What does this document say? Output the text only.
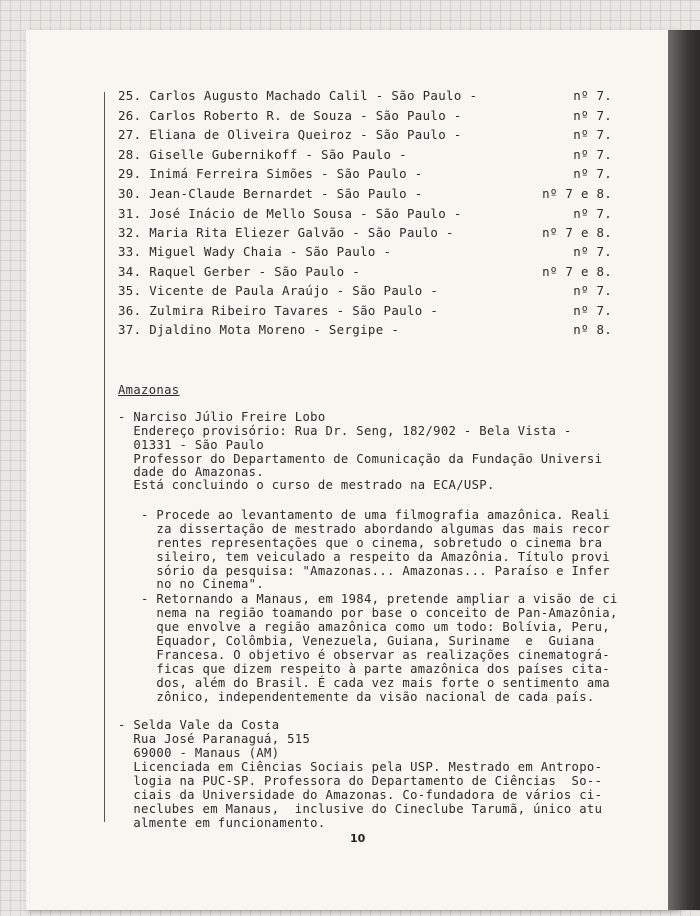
25. Carlos Augusto Machado Calil - São Paulo -	nº 7.
26. Carlos Roberto R. de Souza - São Paulo -	nº 7.
27. Eliana de Oliveira Queiroz - São Paulo -	nº 7.
28. Giselle Gubernikoff - São Paulo -	nº 7.
29. Inimá Ferreira Simões - São Paulo -	nº 7.
30. Jean-Claude Bernardet - São Paulo -	nº 7 e 8.
31. José Inácio de Mello Sousa - São Paulo -	nº 7.
32. Maria Rita Eliezer Galvão - São Paulo -	nº 7 e 8.
33. Miguel Wady Chaia - São Paulo -	nº 7.
34. Raquel Gerber - São Paulo -	nº 7 e 8.
35. Vicente de Paula Araújo - São Paulo -	nº 7.
36. Zulmira Ribeiro Tavares - São Paulo -	nº 7.
37. Djaldino Mota Moreno - Sergipe -	nº 8.
Amazonas
- Narciso Júlio Freire Lobo
Endereço provisório: Rua Dr. Seng, 182/902 - Bela Vista -
01331 - São Paulo
Professor do Departamento de Comunicação da Fundação Universi
dade do Amazonas.
Está concluindo o curso de mestrado na ECA/USP.
- Procede ao levantamento de uma filmografia amazônica. Reali
za dissertação de mestrado abordando algumas das mais recor
rentes representações que o cinema, sobretudo o cinema bra
sileiro, tem veiculado a respeito da Amazônia. Título provi
sório da pesquisa: "Amazonas... Amazonas... Paraíso e Infer
no no Cinema".
- Retornando a Manaus, em 1984, pretende ampliar a visão de ci
nema na região toamando por base o conceito de Pan-Amazônia,
que envolve a região amazônica como um todo: Bolívia, Peru,
Equador, Colômbia, Venezuela, Guiana, Suriname  e  Guiana
Francesa. O objetivo é observar as realizações cinematográ-
ficas que dizem respeito à parte amazônica dos países cita-
dos, além do Brasil. É cada vez mais forte o sentimento ama
zônico, independentemente da visão nacional de cada país.
- Selda Vale da Costa
Rua José Paranaguá, 515
69000 - Manaus (AM)
Licenciada em Ciências Sociais pela USP. Mestrado em Antropo-
logia na PUC-SP. Professora do Departamento de Ciências  So--
ciais da Universidade do Amazonas. Co-fundadora de vários ci-
neclubes em Manaus,  inclusive do Cineclube Tarumã, único atu
almente em funcionamento.
10
